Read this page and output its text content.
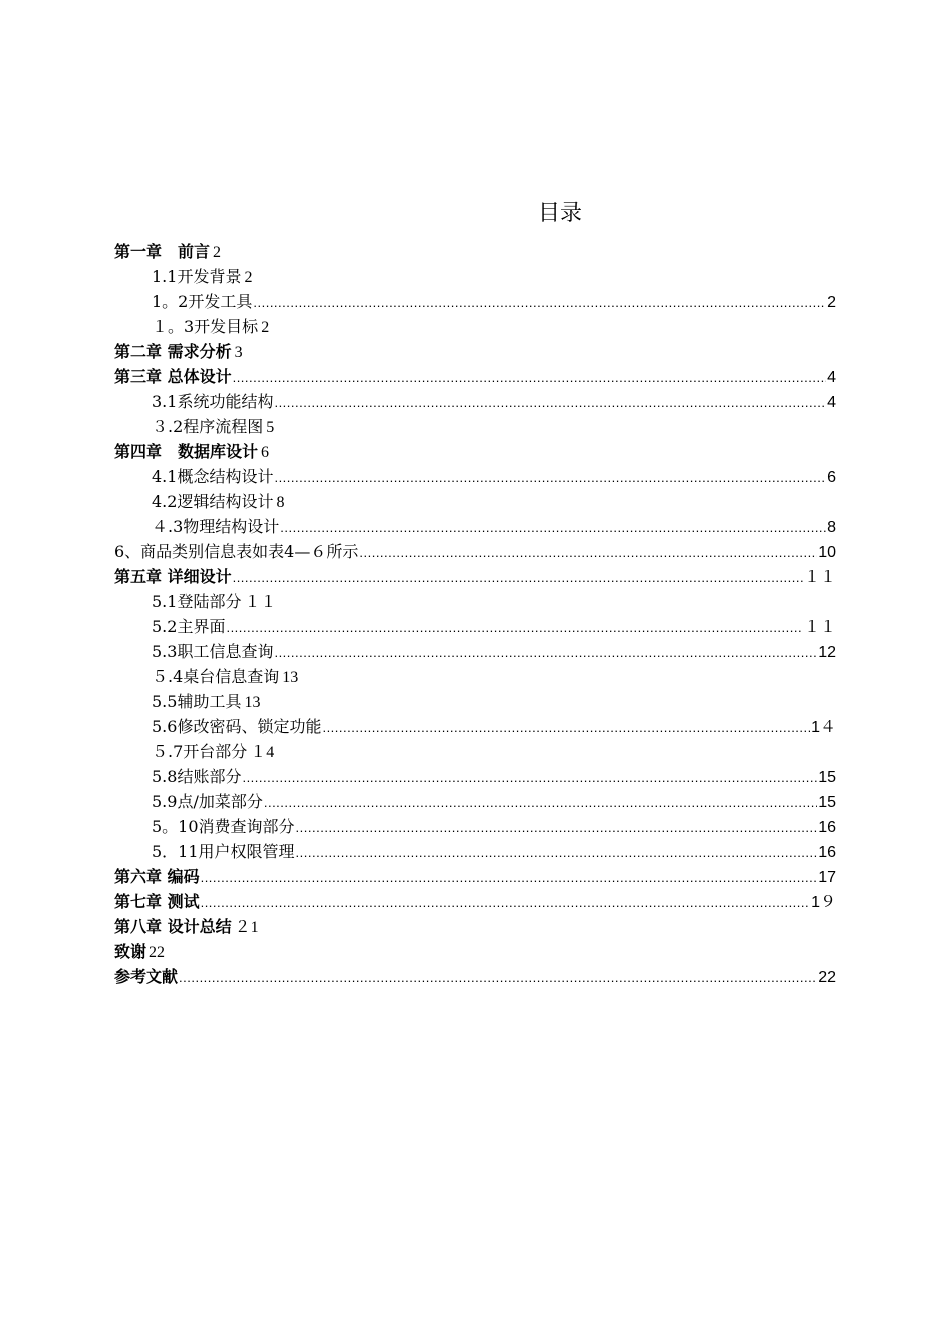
目录
第一章　前言 2
1.1开发背景 2
1。2开发工具 .....	2
１。3开发目标 2
第二章 需求分析 3
第三章 总体设计 .....	4
3.1系统功能结构 .....	4
３.2程序流程图 5
第四章　数据库设计 6
4.1概念结构设计 .....	6
4.2逻辑结构设计 8
４.3物理结构设计 .....	8
6、商品类别信息表如表4—６所示 .....	10
第五章 详细设计 .....	１１
5.1登陆部分 １１
5.2主界面 .....	１１
5.3职工信息查询 .....	12
５.4桌台信息查询 13
5.5辅助工具 13
5.6修改密码、锁定功能 .....	1４
５.7开台部分 １4
5.8结账部分 .....	15
5.9点/加菜部分 .....	15
5。10消费查询部分 .....	16
5．11用户权限管理 .....	16
第六章 编码 .....	17
第七章 测试 .....	1９
第八章 设计总结 ２1
致谢 22
参考文献 .....	22
